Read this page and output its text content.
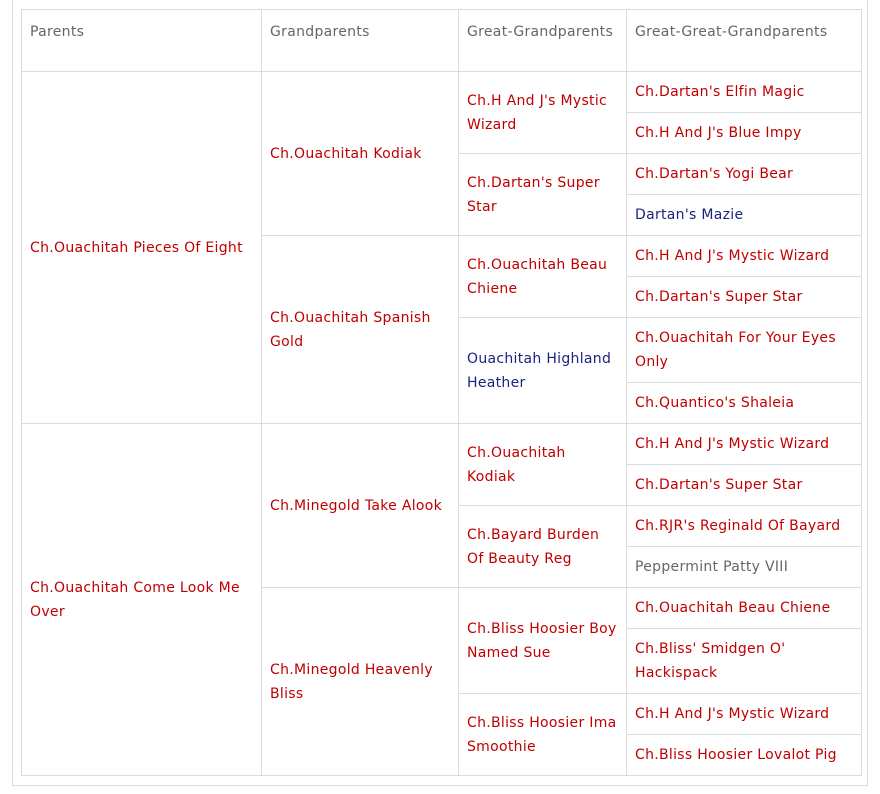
Parents	Grandparents	Great-Grandparents	Great-Great-Grandparents
Ch.Ouachitah Pieces Of Eight	Ch.Ouachitah Kodiak	Ch.H And J's Mystic Wizard	Ch.Dartan's Elfin Magic
			Ch.H And J's Blue Impy
		Ch.Dartan's Super Star	Ch.Dartan's Yogi Bear
			Dartan's Mazie
	Ch.Ouachitah Spanish Gold	Ch.Ouachitah Beau Chiene	Ch.H And J's Mystic Wizard
			Ch.Dartan's Super Star
		Ouachitah Highland Heather	Ch.Ouachitah For Your Eyes Only
			Ch.Quantico's Shaleia
Ch.Ouachitah Come Look Me Over	Ch.Minegold Take Alook	Ch.Ouachitah Kodiak	Ch.H And J's Mystic Wizard
			Ch.Dartan's Super Star
		Ch.Bayard Burden Of Beauty Reg	Ch.RJR's Reginald Of Bayard
			Peppermint Patty VIII
	Ch.Minegold Heavenly Bliss	Ch.Bliss Hoosier Boy Named Sue	Ch.Ouachitah Beau Chiene
			Ch.Bliss' Smidgen O' Hackispack
		Ch.Bliss Hoosier Ima Smoothie	Ch.H And J's Mystic Wizard
			Ch.Bliss Hoosier Lovalot Pig
